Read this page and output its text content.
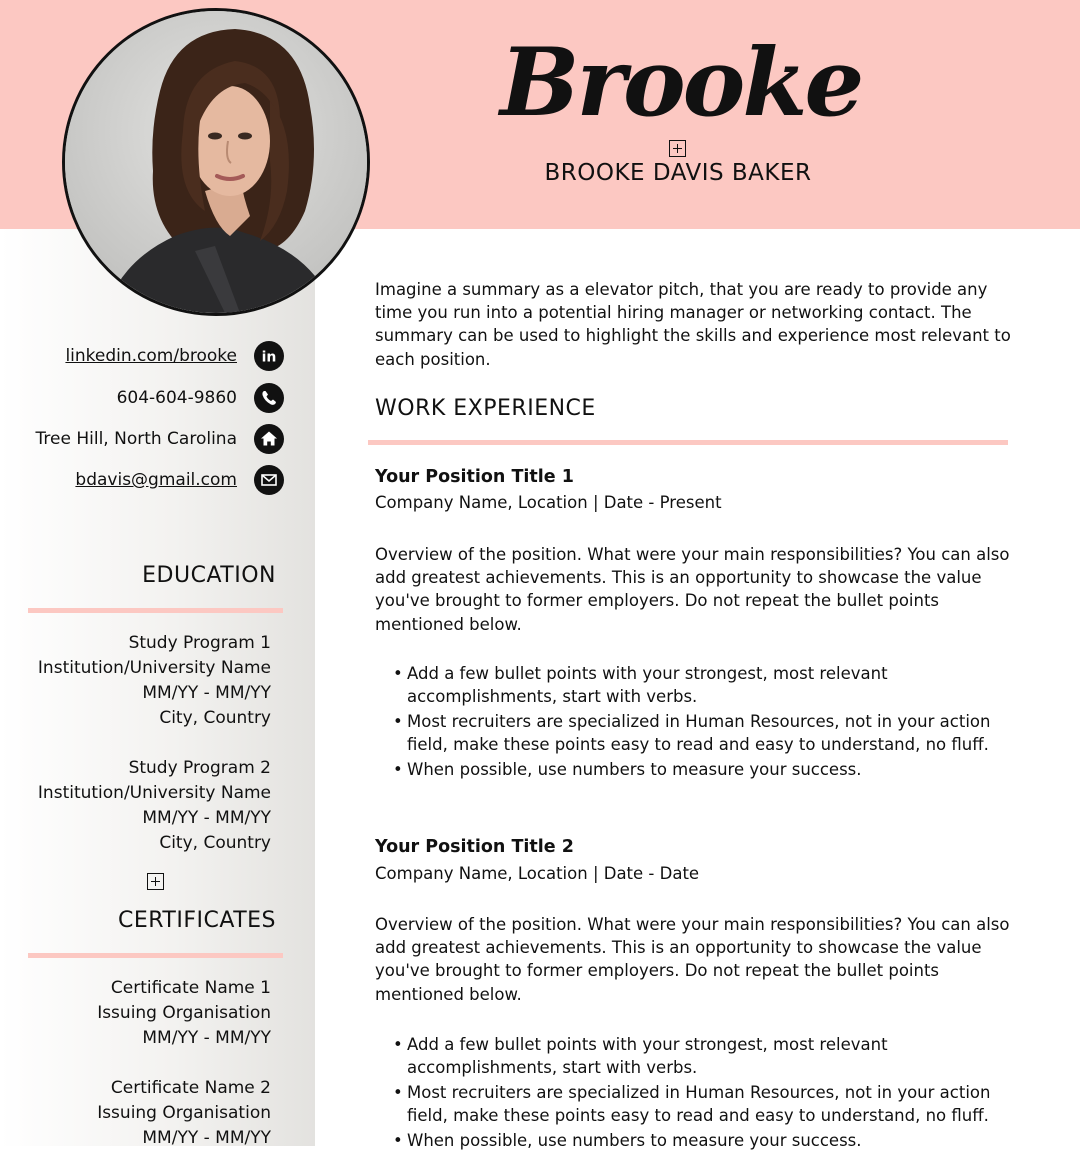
Brooke
BROOKE DAVIS BAKER
linkedin.com/brooke in
604-604-9860
Tree Hill, North Carolina
bdavis@gmail.com
EDUCATION
Study Program 1
Institution/University Name
MM/YY - MM/YY
City, Country
Study Program 2
Institution/University Name
MM/YY - MM/YY
City, Country
CERTIFICATES
Certificate Name 1
Issuing Organisation
MM/YY - MM/YY
Certificate Name 2
Issuing Organisation
MM/YY - MM/YY
Imagine a summary as a elevator pitch, that you are ready to provide any time you run into a potential hiring manager or networking contact. The summary can be used to highlight the skills and experience most relevant to each position.
WORK EXPERIENCE
Your Position Title 1
Company Name, Location | Date - Present
Overview of the position. What were your main responsibilities? You can also add greatest achievements. This is an opportunity to showcase the value you've brought to former employers. Do not repeat the bullet points mentioned below.
• Add a few bullet points with your strongest, most relevant accomplishments, start with verbs.
• Most recruiters are specialized in Human Resources, not in your action field, make these points easy to read and easy to understand, no fluff.
• When possible, use numbers to measure your success.
Your Position Title 2
Company Name, Location | Date - Date
Overview of the position. What were your main responsibilities? You can also add greatest achievements. This is an opportunity to showcase the value you've brought to former employers. Do not repeat the bullet points mentioned below.
• Add a few bullet points with your strongest, most relevant accomplishments, start with verbs.
• Most recruiters are specialized in Human Resources, not in your action field, make these points easy to read and easy to understand, no fluff.
• When possible, use numbers to measure your success.
